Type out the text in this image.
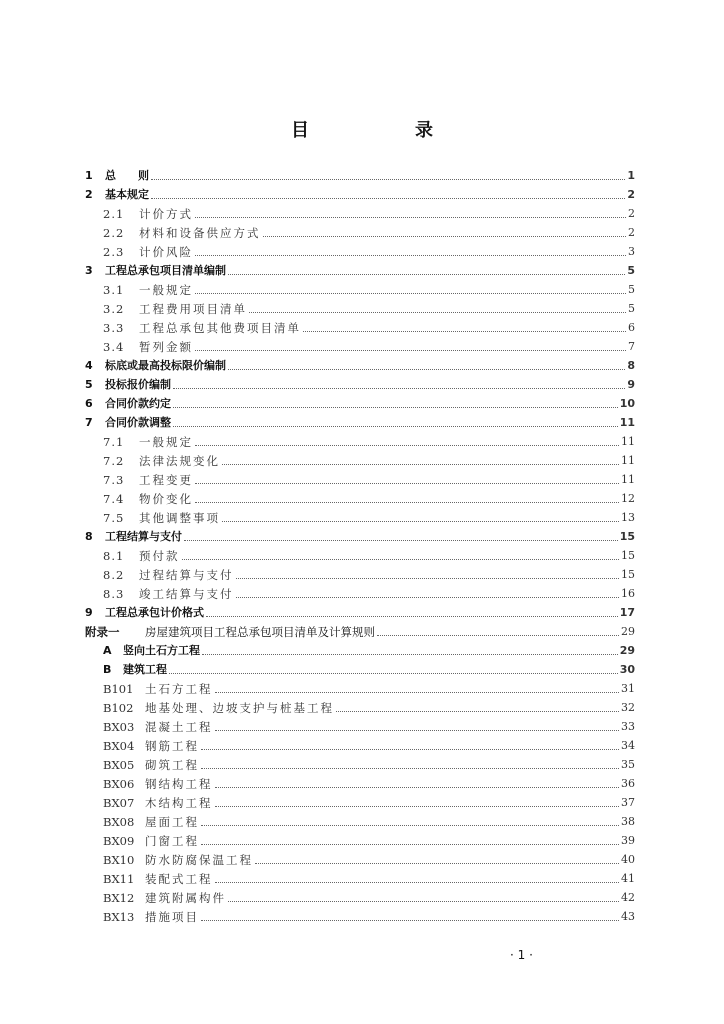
目　录
1	总　　则	1
2	基本规定	2
2.1	计价方式	2
2.2	材料和设备供应方式	2
2.3	计价风险	3
3	工程总承包项目清单编制	5
3.1	一般规定	5
3.2	工程费用项目清单	5
3.3	工程总承包其他费项目清单	6
3.4	暂列金额	7
4	标底或最高投标限价编制	8
5	投标报价编制	9
6	合同价款约定	10
7	合同价款调整	11
7.1	一般规定	11
7.2	法律法规变化	11
7.3	工程变更	11
7.4	物价变化	12
7.5	其他调整事项	13
8	工程结算与支付	15
8.1	预付款	15
8.2	过程结算与支付	15
8.3	竣工结算与支付	16
9	工程总承包计价格式	17
附录一	房屋建筑项目工程总承包项目清单及计算规则	29
A	竖向土石方工程	29
B	建筑工程	30
B101	土石方工程	31
B102	地基处理、边坡支护与桩基工程	32
BX03 混凝土工程	33
BX04 钢筋工程	34
BX05 砌筑工程	35
BX06 钢结构工程	36
BX07 木结构工程	37
BX08 屋面工程	38
BX09 门窗工程	39
BX10 防水防腐保温工程	40
BX11 装配式工程	41
BX12 建筑附属构件	42
BX13 措施项目	43
· 1 ·
